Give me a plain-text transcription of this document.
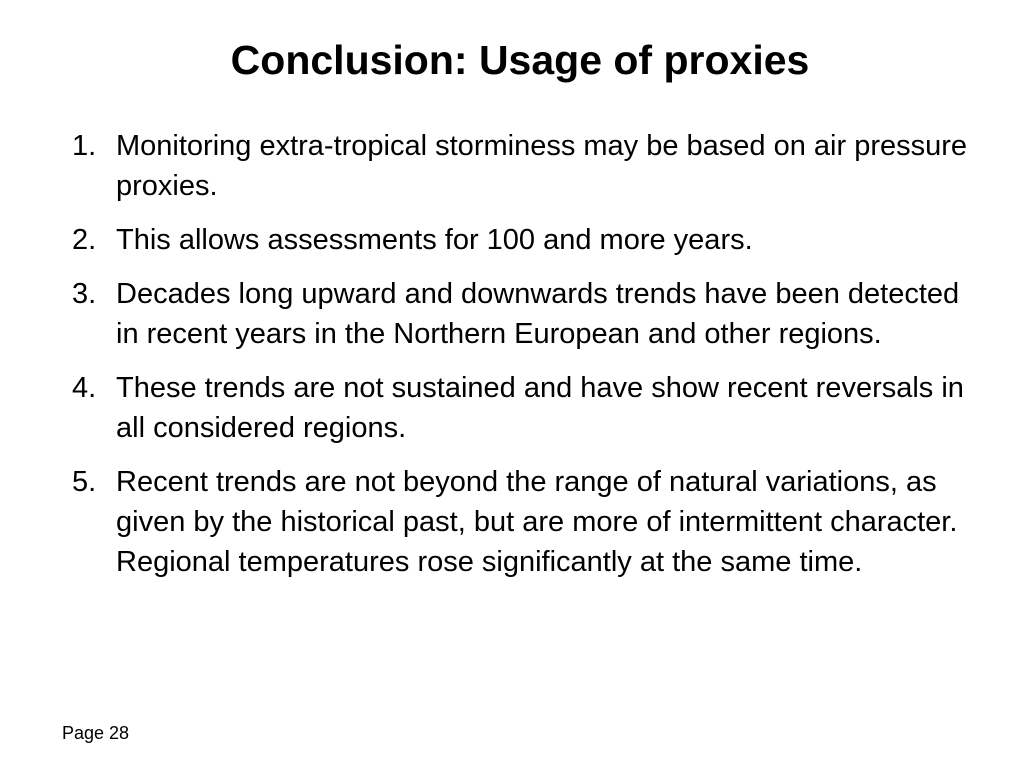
Conclusion: Usage of proxies
1. Monitoring extra-tropical storminess may be based on air pressure proxies.
2. This allows assessments for 100 and more years.
3. Decades long upward and downwards trends have been detected in recent years in the Northern European and other regions.
4. These trends are not sustained and have show recent reversals in all considered regions.
5. Recent trends are not beyond the range of natural variations, as given by the historical past, but are more of intermittent character. Regional temperatures rose significantly at the same time.
Page 28
